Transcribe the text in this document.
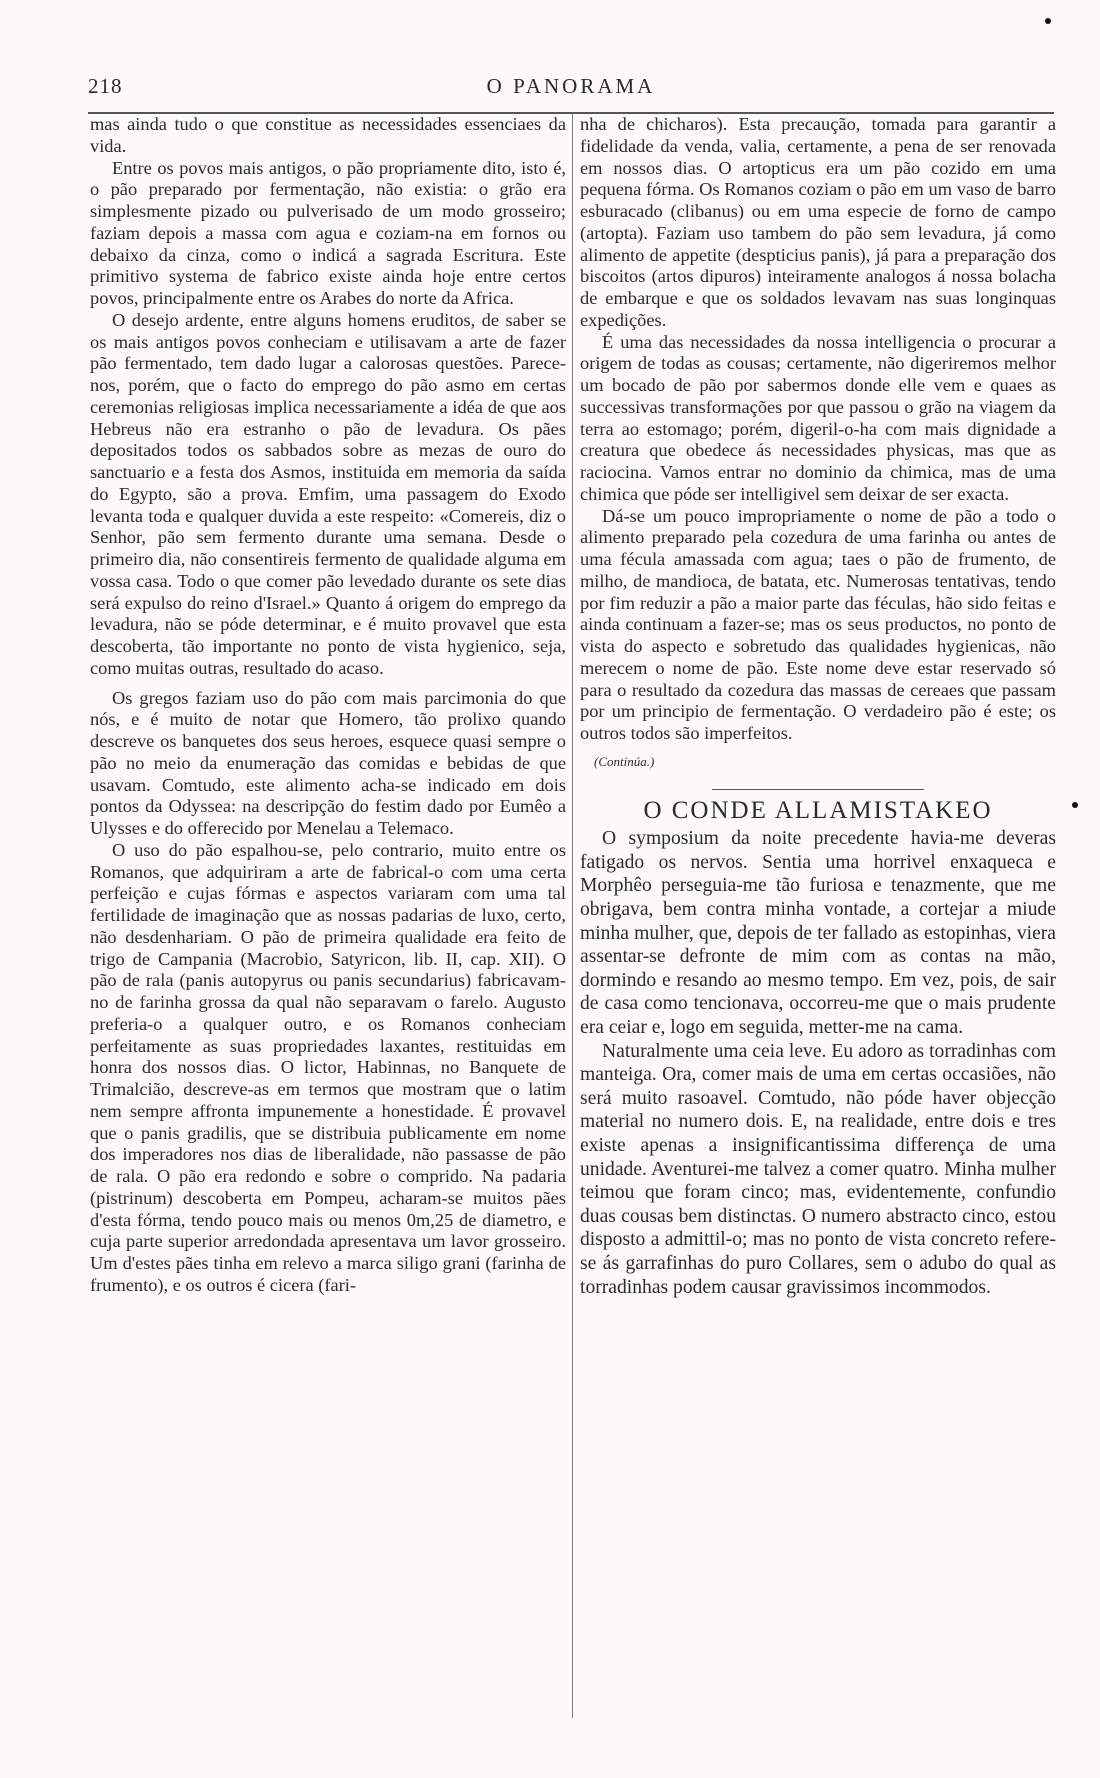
218	O PANORAMA

mas ainda tudo o que constitue as necessidades essenciaes da vida.

Entre os povos mais antigos, o pão propriamente dito, isto é, o pão preparado por fermentação, não existia: o grão era simplesmente pizado ou pulverisado de um modo grosseiro; faziam depois a massa com agua e coziam-na em fornos ou debaixo da cinza, como o indicá a sagrada Escritura. Este primitivo systema de fabrico existe ainda hoje entre certos povos, principalmente entre os Arabes do norte da Africa.

O desejo ardente, entre alguns homens eruditos, de saber se os mais antigos povos conheciam e utilisavam a arte de fazer pão fermentado, tem dado lugar a calorosas questões. Parece-nos, porém, que o facto do emprego do pão asmo em certas ceremonias religiosas implica necessariamente a idéa de que aos Hebreus não era estranho o pão de levadura. Os pães depositados todos os sabbados sobre as mezas de ouro do sanctuario e a festa dos Asmos, instituida em memoria da saída do Egypto, são a prova. Emfim, uma passagem do Exodo levanta toda e qualquer duvida a este respeito: «Comereis, diz o Senhor, pão sem fermento durante uma semana. Desde o primeiro dia, não consentireis fermento de qualidade alguma em vossa casa. Todo o que comer pão levedado durante os sete dias será expulso do reino d'Israel.» Quanto á origem do emprego da levadura, não se póde determinar, e é muito provavel que esta descoberta, tão importante no ponto de vista hygienico, seja, como muitas outras, resultado do acaso.

Os gregos faziam uso do pão com mais parcimonia do que nós, e é muito de notar que Homero, tão prolixo quando descreve os banquetes dos seus heroes, esquece quasi sempre o pão no meio da enumeração das comidas e bebidas de que usavam. Comtudo, este alimento acha-se indicado em dois pontos da Odyssea: na descripção do festim dado por Eumêo a Ulysses e do offerecido por Menelau a Telemaco.

O uso do pão espalhou-se, pelo contrario, muito entre os Romanos, que adquiriram a arte de fabrical-o com uma certa perfeição e cujas fórmas e aspectos variaram com uma tal fertilidade de imaginação que as nossas padarias de luxo, certo, não desdenhariam. O pão de primeira qualidade era feito de trigo de Campania (Macrobio, Satyricon, lib. II, cap. XII). O pão de rala (panis autopyrus ou panis secundarius) fabricavam-no de farinha grossa da qual não separavam o farelo. Augusto preferia-o a qualquer outro, e os Romanos conheciam perfeitamente as suas propriedades laxantes, restituidas em honra dos nossos dias. O lictor, Habinnas, no Banquete de Trimalcião, descreve-as em termos que mostram que o latim nem sempre affronta impunemente a honestidade. É provavel que o panis gradilis, que se distribuia publicamente em nome dos imperadores nos dias de liberalidade, não passasse de pão de rala. O pão era redondo e sobre o comprido. Na padaria (pistrinum) descoberta em Pompeu, acharam-se muitos pães d'esta fórma, tendo pouco mais ou menos 0m,25 de diametro, e cuja parte superior arredondada apresentava um lavor grosseiro. Um d'estes pães tinha em relevo a marca siligo grani (farinha de frumento), e os outros é cicera (fari-

nha de chicharos). Esta precaução, tomada para garantir a fidelidade da venda, valia, certamente, a pena de ser renovada em nossos dias. O artopticus era um pão cozido em uma pequena fórma. Os Romanos coziam o pão em um vaso de barro esburacado (clibanus) ou em uma especie de forno de campo (artopta). Faziam uso tambem do pão sem levadura, já como alimento de appetite (despticius panis), já para a preparação dos biscoitos (artos dipuros) inteiramente analogos á nossa bolacha de embarque e que os soldados levavam nas suas longinquas expedições.

É uma das necessidades da nossa intelligencia o procurar a origem de todas as cousas; certamente, não digeriremos melhor um bocado de pão por sabermos donde elle vem e quaes as successivas transformações por que passou o grão na viagem da terra ao estomago; porém, digeril-o-ha com mais dignidade a creatura que obedece ás necessidades physicas, mas que as raciocina. Vamos entrar no dominio da chimica, mas de uma chimica que póde ser intelligivel sem deixar de ser exacta.

Dá-se um pouco impropriamente o nome de pão a todo o alimento preparado pela cozedura de uma farinha ou antes de uma fécula amassada com agua; taes o pão de frumento, de milho, de mandioca, de batata, etc. Numerosas tentativas, tendo por fim reduzir a pão a maior parte das féculas, hão sido feitas e ainda continuam a fazer-se; mas os seus productos, no ponto de vista do aspecto e sobretudo das qualidades hygienicas, não merecem o nome de pão. Este nome deve estar reservado só para o resultado da cozedura das massas de cereaes que passam por um principio de fermentação. O verdadeiro pão é este; os outros todos são imperfeitos.

(Continúa.)
O CONDE ALLAMISTAKEO

O symposium da noite precedente havia-me deveras fatigado os nervos. Sentia uma horrivel enxaqueca e Morphêo perseguia-me tão furiosa e tenazmente, que me obrigava, bem contra minha vontade, a cortejar a miude minha mulher, que, depois de ter fallado as estopinhas, viera assentar-se defronte de mim com as contas na mão, dormindo e resando ao mesmo tempo. Em vez, pois, de sair de casa como tencionava, occorreu-me que o mais prudente era ceiar e, logo em seguida, metter-me na cama.

Naturalmente uma ceia leve. Eu adoro as torradinhas com manteiga. Ora, comer mais de uma em certas occasiões, não será muito rasoavel. Comtudo, não póde haver objecção material no numero dois. E, na realidade, entre dois e tres existe apenas a insignificantissima differença de uma unidade. Aventurei-me talvez a comer quatro. Minha mulher teimou que foram cinco; mas, evidentemente, confundio duas cousas bem distinctas. O numero abstracto cinco, estou disposto a admittil-o; mas no ponto de vista concreto refere-se ás garrafinhas do puro Collares, sem o adubo do qual as torradinhas podem causar gravissimos incommodos.
